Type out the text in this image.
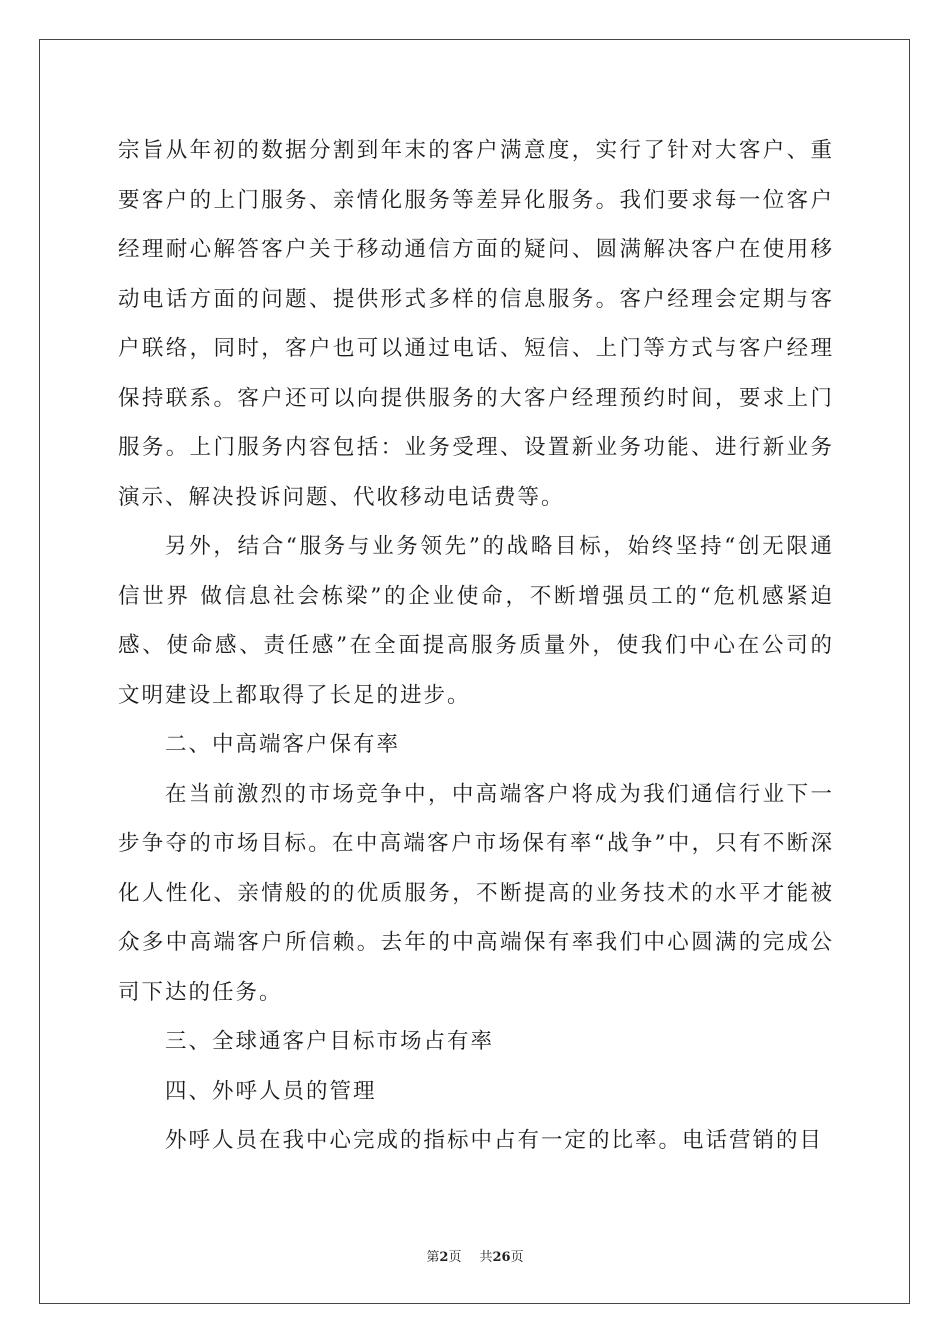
宗旨从年初的数据分割到年末的客户满意度，实行了针对大客户、重要客户的上门服务、亲情化服务等差异化服务。我们要求每一位客户经理耐心解答客户关于移动通信方面的疑问、圆满解决客户在使用移动电话方面的问题、提供形式多样的信息服务。客户经理会定期与客户联络，同时，客户也可以通过电话、短信、上门等方式与客户经理保持联系。客户还可以向提供服务的大客户经理预约时间，要求上门服务。上门服务内容包括：业务受理、设置新业务功能、进行新业务演示、解决投诉问题、代收移动电话费等。

另外，结合“服务与业务领先”的战略目标，始终坚持“创无限通信世界 做信息社会栋梁”的企业使命，不断增强员工的“危机感紧迫感、使命感、责任感”在全面提高服务质量外，使我们中心在公司的文明建设上都取得了长足的进步。

二、中高端客户保有率

在当前激烈的市场竞争中，中高端客户将成为我们通信行业下一步争夺的市场目标。在中高端客户市场保有率“战争”中，只有不断深化人性化、亲情般的的优质服务，不断提高的业务技术的水平才能被众多中高端客户所信赖。去年的中高端保有率我们中心圆满的完成公司下达的任务。

三、全球通客户目标市场占有率

四、外呼人员的管理

外呼人员在我中心完成的指标中占有一定的比率。电话营销的目

第2页 共26页
